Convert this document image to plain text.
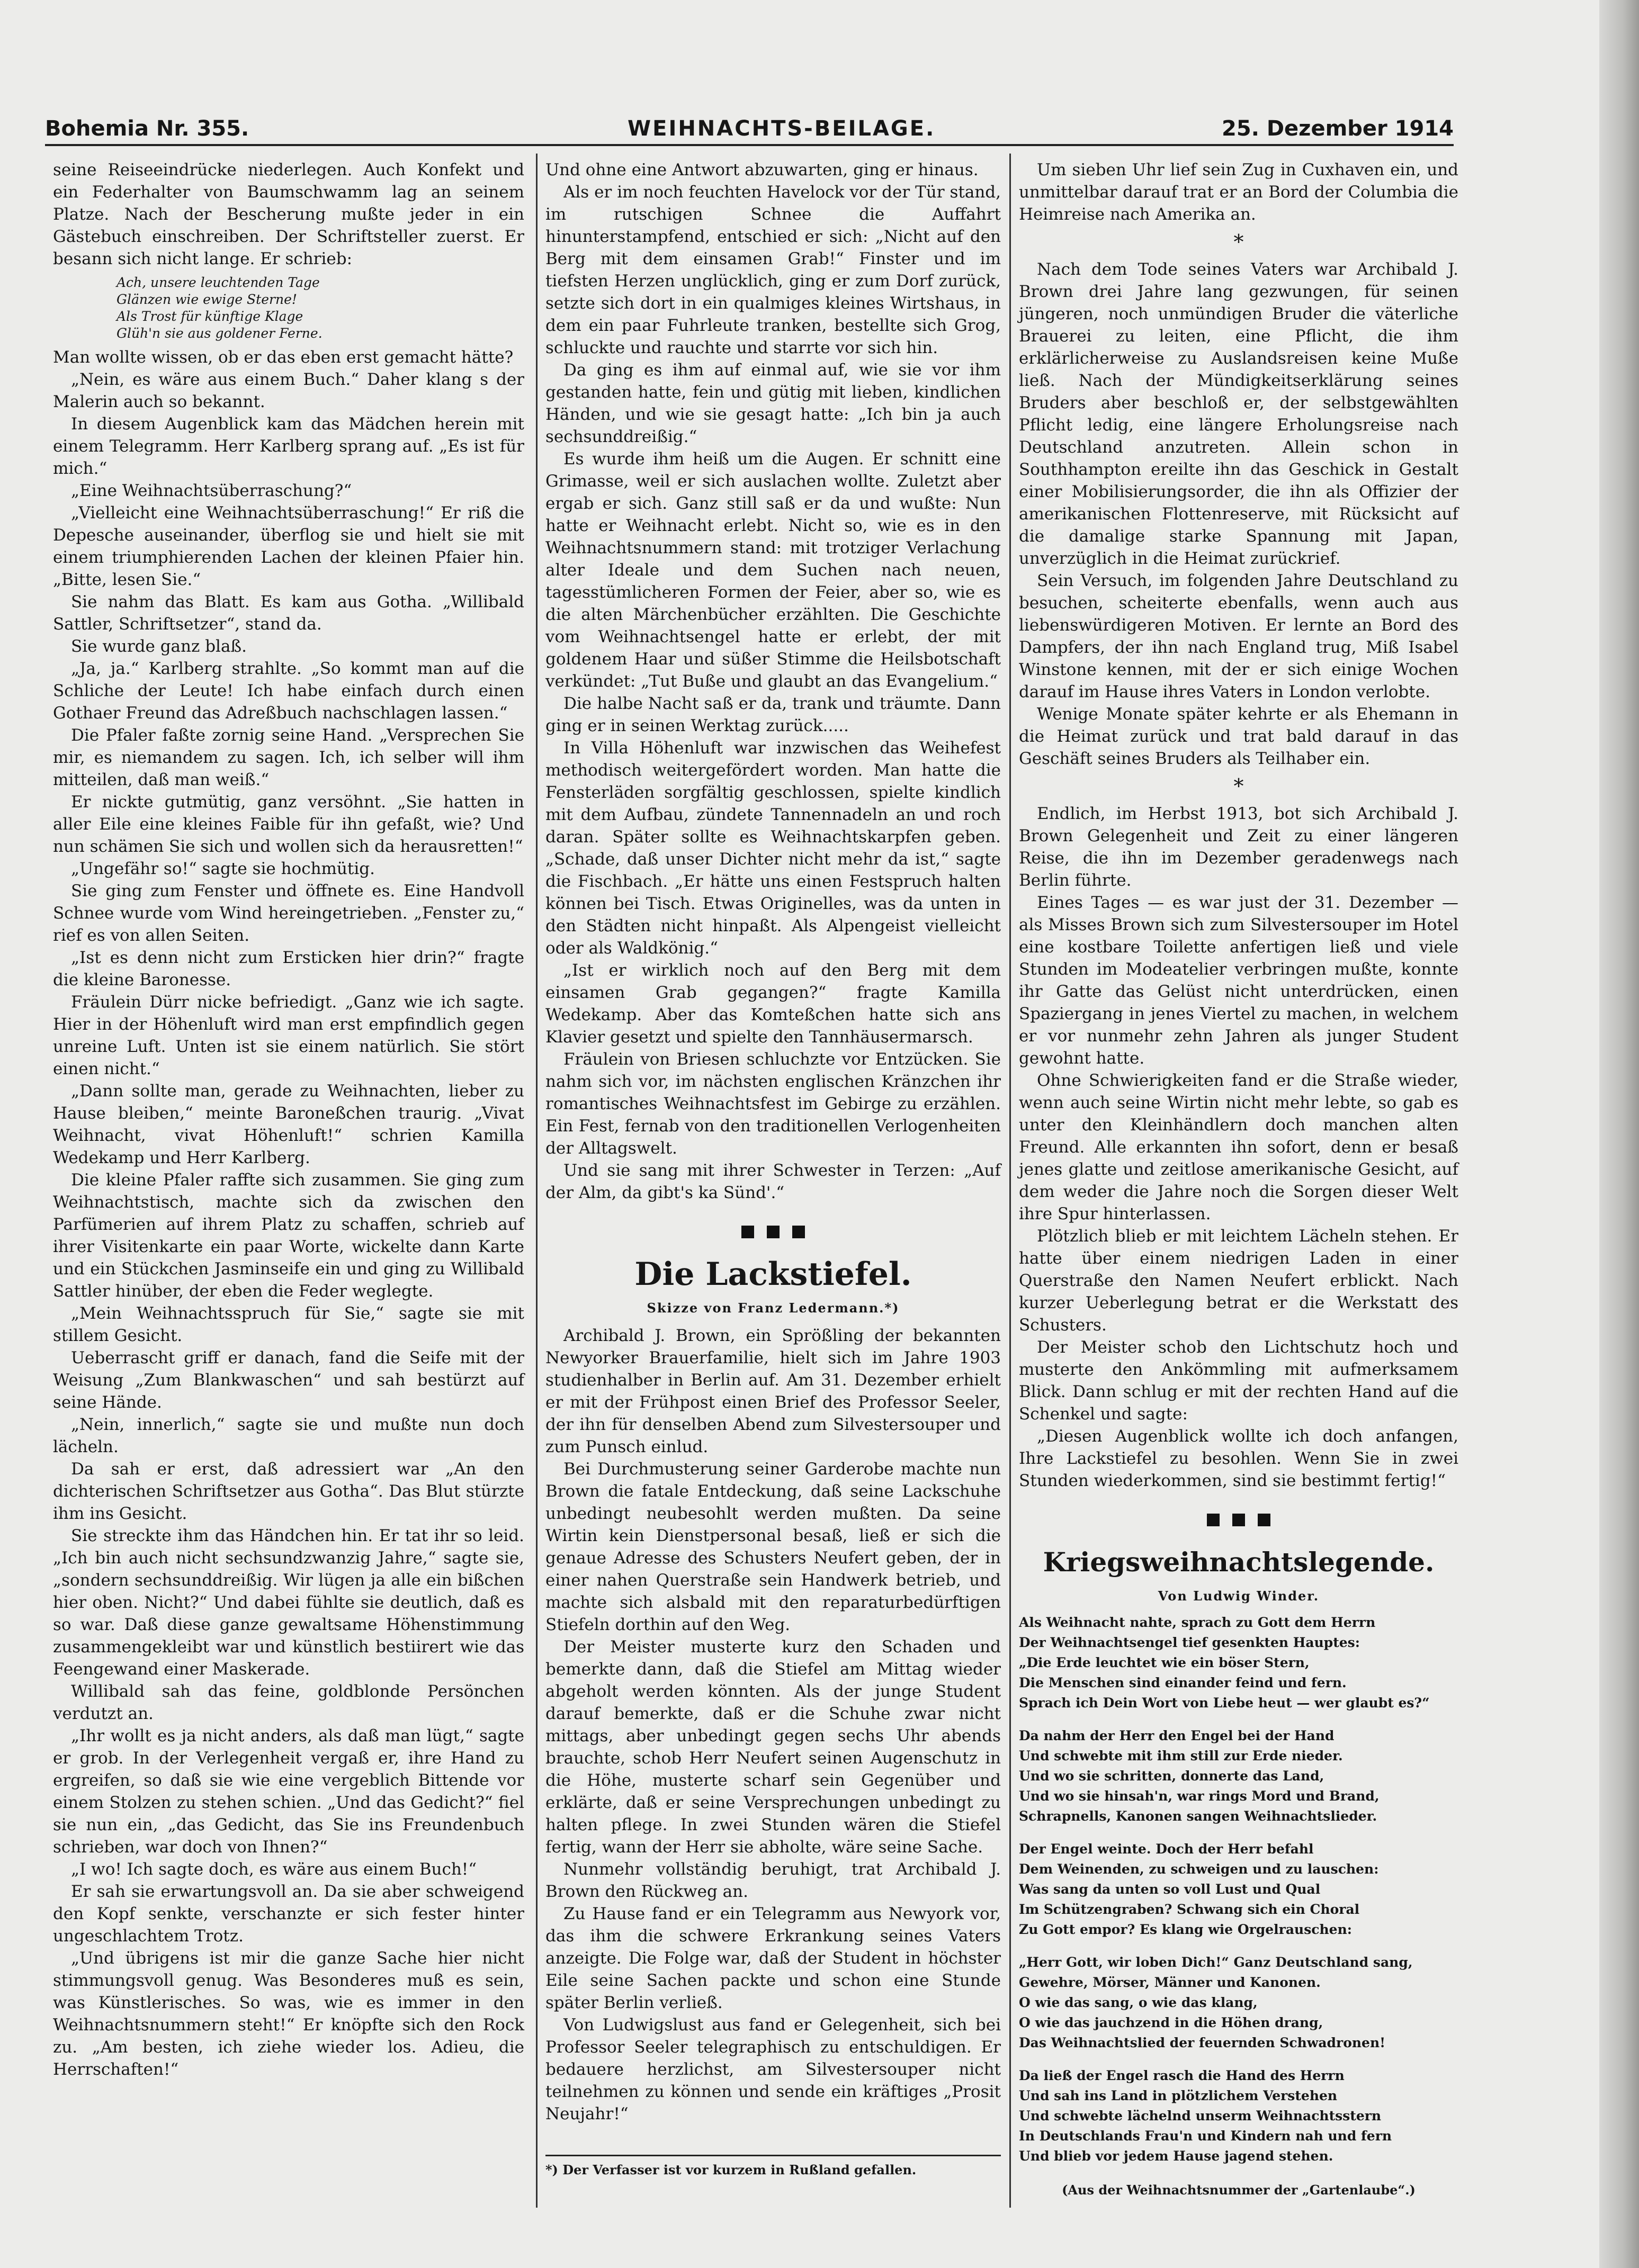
Bohemia Nr. 355.	WEIHNACHTS-BEILAGE.	25. Dezember 1914

seine Reiseeindrücke niederlegen. Auch Konfekt und ein Federhalter von Baumschwamm lag an seinem Platze. Nach der Bescherung mußte jeder in ein Gästebuch einschreiben. Der Schriftsteller zuerst. Er besann sich nicht lange. Er schrieb:

Ach, unsere leuchtenden Tage
Glänzen wie ewige Sterne!
Als Trost für künftige Klage
Glüh'n sie aus goldener Ferne.

Man wollte wissen, ob er das eben erst gemacht hätte?

„Nein, es wäre aus einem Buch.“ Daher klang s der Malerin auch so bekannt.

In diesem Augenblick kam das Mädchen herein mit einem Telegramm. Herr Karlberg sprang auf. „Es ist für mich.“

„Eine Weihnachtsüberraschung?“

„Vielleicht eine Weihnachtsüberraschung!“ Er riß die Depesche auseinander, überflog sie und hielt sie mit einem triumphierenden Lachen der kleinen Pfaier hin. „Bitte, lesen Sie.“

Sie nahm das Blatt. Es kam aus Gotha. „Willibald Sattler, Schriftsetzer“, stand da.

Sie wurde ganz blaß.

„Ja, ja.“ Karlberg strahlte. „So kommt man auf die Schliche der Leute! Ich habe einfach durch einen Gothaer Freund das Adreßbuch nachschlagen lassen.“

Die Pfaler faßte zornig seine Hand. „Versprechen Sie mir, es niemandem zu sagen. Ich, ich selber will ihm mitteilen, daß man weiß.“

Er nickte gutmütig, ganz versöhnt. „Sie hatten in aller Eile eine kleines Faible für ihn gefaßt, wie? Und nun schämen Sie sich und wollen sich da herausretten!“

„Ungefähr so!“ sagte sie hochmütig.

Sie ging zum Fenster und öffnete es. Eine Handvoll Schnee wurde vom Wind hereingetrieben. „Fenster zu,“ rief es von allen Seiten.

„Ist es denn nicht zum Ersticken hier drin?“ fragte die kleine Baronesse.

Fräulein Dürr nicke befriedigt. „Ganz wie ich sagte. Hier in der Höhenluft wird man erst empfindlich gegen unreine Luft. Unten ist sie einem natürlich. Sie stört einen nicht.“

„Dann sollte man, gerade zu Weihnachten, lieber zu Hause bleiben,“ meinte Baroneßchen traurig. „Vivat Weihnacht, vivat Höhenluft!“ schrien Kamilla Wedekamp und Herr Karlberg.

Die kleine Pfaler raffte sich zusammen. Sie ging zum Weihnachtstisch, machte sich da zwischen den Parfümerien auf ihrem Platz zu schaffen, schrieb auf ihrer Visitenkarte ein paar Worte, wickelte dann Karte und ein Stückchen Jasminseife ein und ging zu Willibald Sattler hinüber, der eben die Feder weglegte.

„Mein Weihnachtsspruch für Sie,“ sagte sie mit stillem Gesicht.

Ueberrascht griff er danach, fand die Seife mit der Weisung „Zum Blankwaschen“ und sah bestürzt auf seine Hände.

„Nein, innerlich,“ sagte sie und mußte nun doch lächeln.

Da sah er erst, daß adressiert war „An den dichterischen Schriftsetzer aus Gotha“. Das Blut stürzte ihm ins Gesicht.

Sie streckte ihm das Händchen hin. Er tat ihr so leid. „Ich bin auch nicht sechsundzwanzig Jahre,“ sagte sie, „sondern sechsunddreißig. Wir lügen ja alle ein bißchen hier oben. Nicht?“ Und dabei fühlte sie deutlich, daß es so war. Daß diese ganze gewaltsame Höhenstimmung zusammengekleibt war und künstlich bestiirert wie das Feengewand einer Maskerade.

Willibald sah das feine, goldblonde Persönchen verdutzt an.

„Ihr wollt es ja nicht anders, als daß man lügt,“ sagte er grob. In der Verlegenheit vergaß er, ihre Hand zu ergreifen, so daß sie wie eine vergeblich Bittende vor einem Stolzen zu stehen schien. „Und das Gedicht?“ fiel sie nun ein, „das Gedicht, das Sie ins Freundenbuch schrieben, war doch von Ihnen?“

„I wo! Ich sagte doch, es wäre aus einem Buch!“

Er sah sie erwartungsvoll an. Da sie aber schweigend den Kopf senkte, verschanzte er sich fester hinter ungeschlachtem Trotz.

„Und übrigens ist mir die ganze Sache hier nicht stimmungsvoll genug. Was Besonderes muß es sein, was Künstlerisches. So was, wie es immer in den Weihnachtsnummern steht!“ Er knöpfte sich den Rock zu. „Am besten, ich ziehe wieder los. Adieu, die Herrschaften!“

Und ohne eine Antwort abzuwarten, ging er hinaus.

Als er im noch feuchten Havelock vor der Tür stand, im rutschigen Schnee die Auffahrt hinunterstampfend, entschied er sich: „Nicht auf den Berg mit dem einsamen Grab!“ Finster und im tiefsten Herzen unglücklich, ging er zum Dorf zurück, setzte sich dort in ein qualmiges kleines Wirtshaus, in dem ein paar Fuhrleute tranken, bestellte sich Grog, schluckte und rauchte und starrte vor sich hin.

Da ging es ihm auf einmal auf, wie sie vor ihm gestanden hatte, fein und gütig mit lieben, kindlichen Händen, und wie sie gesagt hatte: „Ich bin ja auch sechsunddreißig.“

Es wurde ihm heiß um die Augen. Er schnitt eine Grimasse, weil er sich auslachen wollte. Zuletzt aber ergab er sich. Ganz still saß er da und wußte: Nun hatte er Weihnacht erlebt. Nicht so, wie es in den Weihnachtsnummern stand: mit trotziger Verlachung alter Ideale und dem Suchen nach neuen, tagesstümlicheren Formen der Feier, aber so, wie es die alten Märchenbücher erzählten. Die Geschichte vom Weihnachtsengel hatte er erlebt, der mit goldenem Haar und süßer Stimme die Heilsbotschaft verkündet: „Tut Buße und glaubt an das Evangelium.“

Die halbe Nacht saß er da, trank und träumte. Dann ging er in seinen Werktag zurück.....

In Villa Höhenluft war inzwischen das Weihefest methodisch weitergefördert worden. Man hatte die Fensterläden sorgfältig geschlossen, spielte kindlich mit dem Aufbau, zündete Tannennadeln an und roch daran. Später sollte es Weihnachtskarpfen geben. „Schade, daß unser Dichter nicht mehr da ist,“ sagte die Fischbach. „Er hätte uns einen Festspruch halten können bei Tisch. Etwas Originelles, was da unten in den Städten nicht hinpaßt. Als Alpengeist vielleicht oder als Waldkönig.“

„Ist er wirklich noch auf den Berg mit dem einsamen Grab gegangen?“ fragte Kamilla Wedekamp. Aber das Komteßchen hatte sich ans Klavier gesetzt und spielte den Tannhäusermarsch.

Fräulein von Briesen schluchzte vor Entzücken. Sie nahm sich vor, im nächsten englischen Kränzchen ihr romantisches Weihnachtsfest im Gebirge zu erzählen. Ein Fest, fernab von den traditionellen Verlogenheiten der Alltagswelt.

Und sie sang mit ihrer Schwester in Terzen: „Auf der Alm, da gibt's ka Sünd'.“

Die Lackstiefel.
Skizze von Franz Ledermann.*)

Archibald J. Brown, ein Sprößling der bekannten Newyorker Brauerfamilie, hielt sich im Jahre 1903 studienhalber in Berlin auf. Am 31. Dezember erhielt er mit der Frühpost einen Brief des Professor Seeler, der ihn für denselben Abend zum Silvestersouper und zum Punsch einlud.

Bei Durchmusterung seiner Garderobe machte nun Brown die fatale Entdeckung, daß seine Lackschuhe unbedingt neubesohlt werden mußten. Da seine Wirtin kein Dienstpersonal besaß, ließ er sich die genaue Adresse des Schusters Neufert geben, der in einer nahen Querstraße sein Handwerk betrieb, und machte sich alsbald mit den reparaturbedürftigen Stiefeln dorthin auf den Weg.

Der Meister musterte kurz den Schaden und bemerkte dann, daß die Stiefel am Mittag wieder abgeholt werden könnten. Als der junge Student darauf bemerkte, daß er die Schuhe zwar nicht mittags, aber unbedingt gegen sechs Uhr abends brauchte, schob Herr Neufert seinen Augenschutz in die Höhe, musterte scharf sein Gegenüber und erklärte, daß er seine Versprechungen unbedingt zu halten pflege. In zwei Stunden wären die Stiefel fertig, wann der Herr sie abholte, wäre seine Sache.

Nunmehr vollständig beruhigt, trat Archibald J. Brown den Rückweg an.

Zu Hause fand er ein Telegramm aus Newyork vor, das ihm die schwere Erkrankung seines Vaters anzeigte. Die Folge war, daß der Student in höchster Eile seine Sachen packte und schon eine Stunde später Berlin verließ.

Von Ludwigslust aus fand er Gelegenheit, sich bei Professor Seeler telegraphisch zu entschuldigen. Er bedauere herzlichst, am Silvestersouper nicht teilnehmen zu können und sende ein kräftiges „Prosit Neujahr!“

*) Der Verfasser ist vor kurzem in Rußland gefallen.

Um sieben Uhr lief sein Zug in Cuxhaven ein, und unmittelbar darauf trat er an Bord der Columbia die Heimreise nach Amerika an.

*

Nach dem Tode seines Vaters war Archibald J. Brown drei Jahre lang gezwungen, für seinen jüngeren, noch unmündigen Bruder die väterliche Brauerei zu leiten, eine Pflicht, die ihm erklärlicherweise zu Auslandsreisen keine Muße ließ. Nach der Mündigkeitserklärung seines Bruders aber beschloß er, der selbstgewählten Pflicht ledig, eine längere Erholungsreise nach Deutschland anzutreten. Allein schon in Southhampton ereilte ihn das Geschick in Gestalt einer Mobilisierungsorder, die ihn als Offizier der amerikanischen Flottenreserve, mit Rücksicht auf die damalige starke Spannung mit Japan, unverzüglich in die Heimat zurückrief.

Sein Versuch, im folgenden Jahre Deutschland zu besuchen, scheiterte ebenfalls, wenn auch aus liebenswürdigeren Motiven. Er lernte an Bord des Dampfers, der ihn nach England trug, Miß Isabel Winstone kennen, mit der er sich einige Wochen darauf im Hause ihres Vaters in London verlobte.

Wenige Monate später kehrte er als Ehemann in die Heimat zurück und trat bald darauf in das Geschäft seines Bruders als Teilhaber ein.

*

Endlich, im Herbst 1913, bot sich Archibald J. Brown Gelegenheit und Zeit zu einer längeren Reise, die ihn im Dezember geradenwegs nach Berlin führte.

Eines Tages — es war just der 31. Dezember — als Misses Brown sich zum Silvestersouper im Hotel eine kostbare Toilette anfertigen ließ und viele Stunden im Modeatelier verbringen mußte, konnte ihr Gatte das Gelüst nicht unterdrücken, einen Spaziergang in jenes Viertel zu machen, in welchem er vor nunmehr zehn Jahren als junger Student gewohnt hatte.

Ohne Schwierigkeiten fand er die Straße wieder, wenn auch seine Wirtin nicht mehr lebte, so gab es unter den Kleinhändlern doch manchen alten Freund. Alle erkannten ihn sofort, denn er besaß jenes glatte und zeitlose amerikanische Gesicht, auf dem weder die Jahre noch die Sorgen dieser Welt ihre Spur hinterlassen.

Plötzlich blieb er mit leichtem Lächeln stehen. Er hatte über einem niedrigen Laden in einer Querstraße den Namen Neufert erblickt. Nach kurzer Ueberlegung betrat er die Werkstatt des Schusters.

Der Meister schob den Lichtschutz hoch und musterte den Ankömmling mit aufmerksamem Blick. Dann schlug er mit der rechten Hand auf die Schenkel und sagte:

„Diesen Augenblick wollte ich doch anfangen, Ihre Lackstiefel zu besohlen. Wenn Sie in zwei Stunden wiederkommen, sind sie bestimmt fertig!“

Kriegsweihnachtslegende.
Von Ludwig Winder.
Als Weihnacht nahte, sprach zu Gott dem Herrn
Der Weihnachtsengel tief gesenkten Hauptes:
„Die Erde leuchtet wie ein böser Stern,
Die Menschen sind einander feind und fern.
Sprach ich Dein Wort von Liebe heut — wer glaubt es?“
Da nahm der Herr den Engel bei der Hand
Und schwebte mit ihm still zur Erde nieder.
Und wo sie schritten, donnerte das Land,
Und wo sie hinsah'n, war rings Mord und Brand,
Schrapnells, Kanonen sangen Weihnachtslieder.
Der Engel weinte. Doch der Herr befahl
Dem Weinenden, zu schweigen und zu lauschen:
Was sang da unten so voll Lust und Qual
Im Schützengraben? Schwang sich ein Choral
Zu Gott empor? Es klang wie Orgelrauschen:
„Herr Gott, wir loben Dich!“ Ganz Deutschland sang,
Gewehre, Mörser, Männer und Kanonen.
O wie das sang, o wie das klang,
O wie das jauchzend in die Höhen drang,
Das Weihnachtslied der feuernden Schwadronen!
Da ließ der Engel rasch die Hand des Herrn
Und sah ins Land in plötzlichem Verstehen
Und schwebte lächelnd unserm Weihnachtsstern
In Deutschlands Frau'n und Kindern nah und fern
Und blieb vor jedem Hause jagend stehen.
(Aus der Weihnachtsnummer der „Gartenlaube“.)
